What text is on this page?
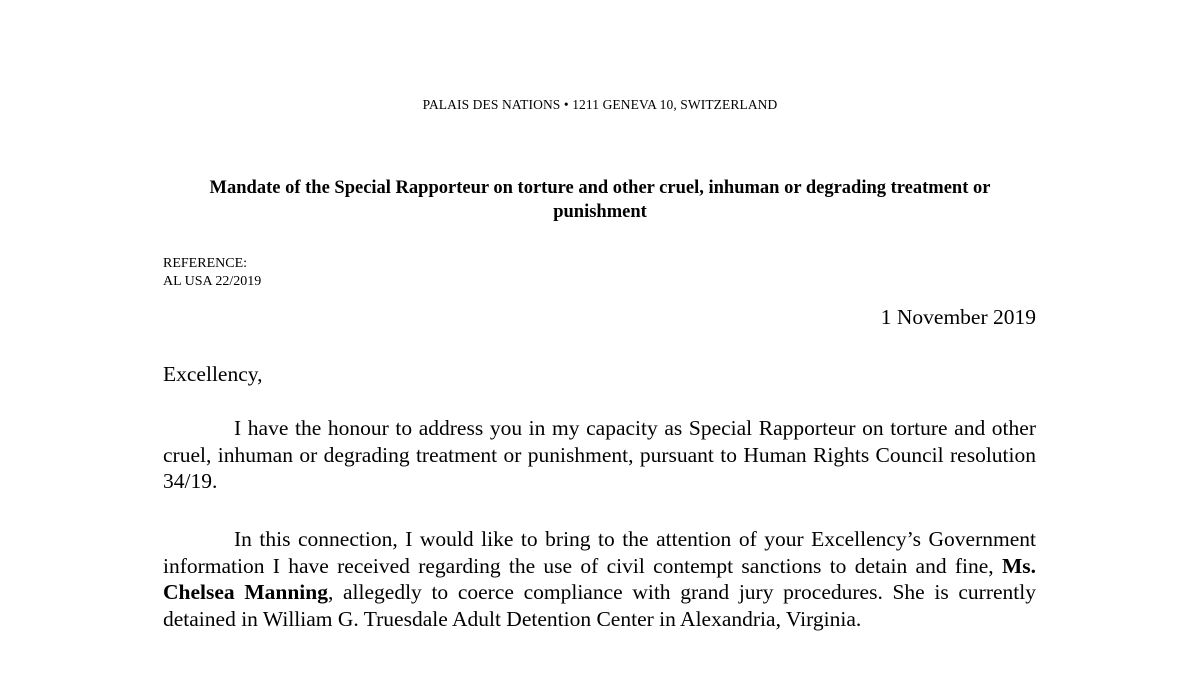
PALAIS DES NATIONS • 1211 GENEVA 10, SWITZERLAND
Mandate of the Special Rapporteur on torture and other cruel, inhuman or degrading treatment or punishment
REFERENCE:
AL USA 22/2019
1 November 2019
Excellency,

I have the honour to address you in my capacity as Special Rapporteur on torture and other cruel, inhuman or degrading treatment or punishment, pursuant to Human Rights Council resolution 34/19.

In this connection, I would like to bring to the attention of your Excellency’s Government information I have received regarding the use of civil contempt sanctions to detain and fine, Ms. Chelsea Manning, allegedly to coerce compliance with grand jury procedures. She is currently detained in William G. Truesdale Adult Detention Center in Alexandria, Virginia.
